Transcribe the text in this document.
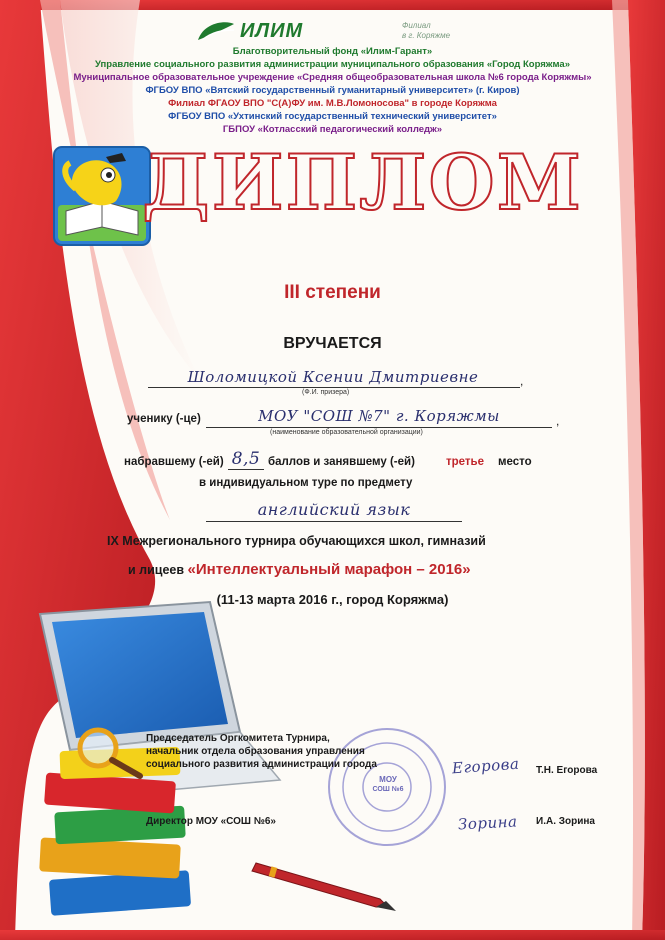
ИЛИМ	Филиал
в г. Коряжме
Благотворительный фонд «Илим-Гарант»
Управление социального развития администрации муниципального образования «Город Коряжма»
Муниципальное образовательное учреждение «Средняя общеобразовательная школа №6 города Коряжмы»
ФГБОУ ВПО «Вятский государственный гуманитарный университет» (г. Киров)
Филиал ФГАОУ ВПО "С(А)ФУ им. М.В.Ломоносова" в городе Коряжма
ФГБОУ ВПО «Ухтинский государственный технический университет»
ГБПОУ «Котласский педагогический колледж»
ДИПЛОМ
III степени
ВРУЧАЕТСЯ
Шоломицкой Ксении Дмитриевне	,
(Ф.И. призера)
ученику (-це)	МОУ "СОШ №7" г. Коряжмы	,
(наименование образовательной организации)
набравшему (-ей) 8,5 баллов и занявшему (-ей)	третье место
в индивидуальном туре по предмету
английский язык
IX Межрегионального турнира обучающихся школ, гимназий
и лицеев «Интеллектуальный марафон – 2016»
(11-13 марта 2016 г., город Коряжма)
МОУ
СОШ №6
Председатель Оргкомитета Турнира,
начальник отдела образования управления
социального развития администрации города	Егорова Т.Н. Егорова
Директор МОУ «СОШ №6»	Зорина И.А. Зорина
